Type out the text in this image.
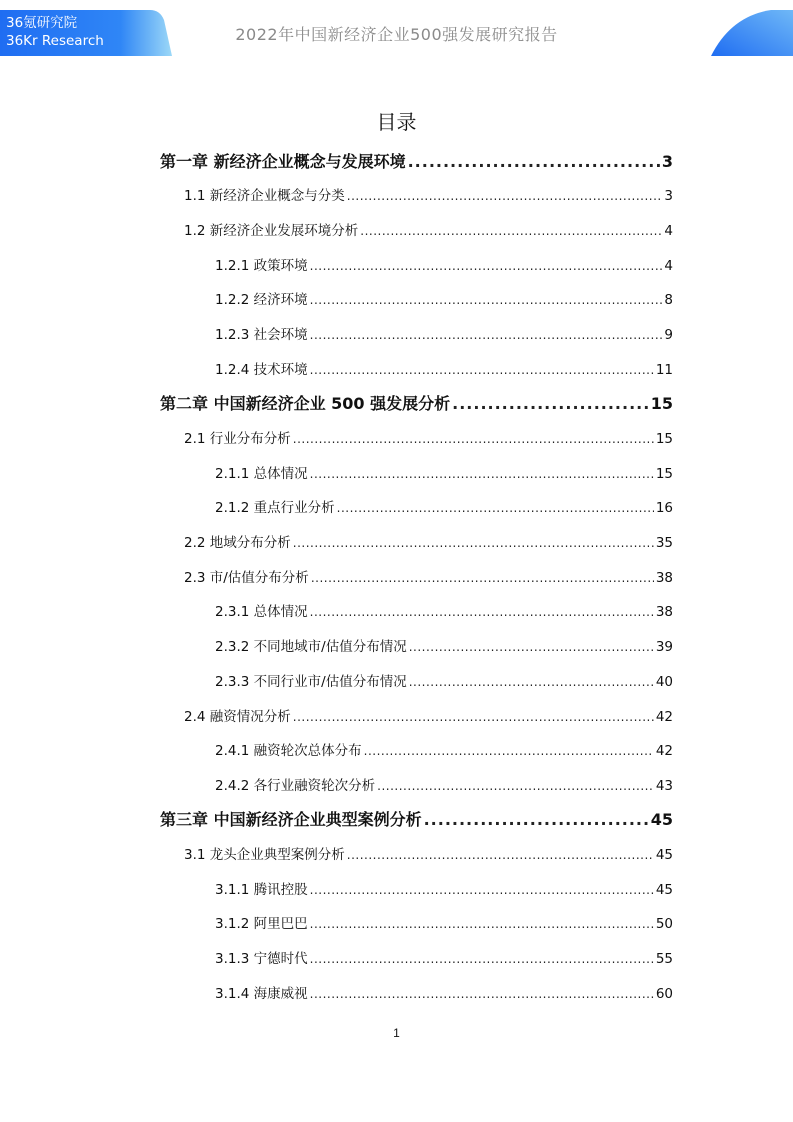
36氪研究院
36Kr Research	2022年中国新经济企业500强发展研究报告
目录
第一章 新经济企业概念与发展环境 .....	3
1.1 新经济企业概念与分类 .....	3
1.2 新经济企业发展环境分析 .....	4
1.2.1 政策环境 .....	4
1.2.2 经济环境 .....	8
1.2.3 社会环境 .....	9
1.2.4 技术环境 .....	11
第二章 中国新经济企业 500 强发展分析 .....	15
2.1 行业分布分析 .....	15
2.1.1 总体情况 .....	15
2.1.2 重点行业分析 .....	16
2.2 地域分布分析 .....	35
2.3 市/估值分布分析 .....	38
2.3.1 总体情况 .....	38
2.3.2 不同地域市/估值分布情况 .....	39
2.3.3 不同行业市/估值分布情况 .....	40
2.4 融资情况分析 .....	42
2.4.1 融资轮次总体分布 .....	42
2.4.2 各行业融资轮次分析 .....	43
第三章 中国新经济企业典型案例分析 .....	45
3.1 龙头企业典型案例分析 .....	45
3.1.1 腾讯控股 .....	45
3.1.2 阿里巴巴 .....	50
3.1.3 宁德时代 .....	55
3.1.4 海康威视 .....	60
1
